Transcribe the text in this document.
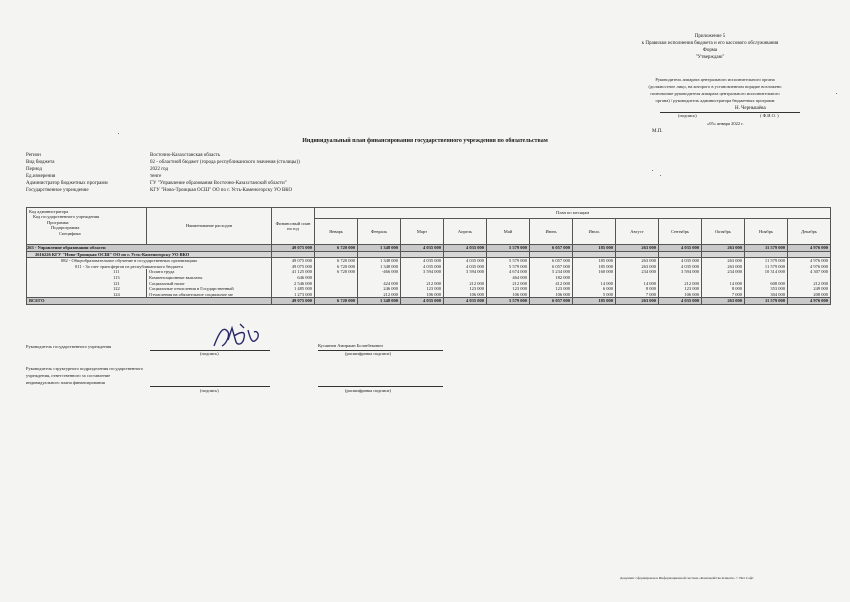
Приложение 5
к Правилам исполнения бюджета и его кассового обслуживания
Форма
"Утверждаю"
Руководитель аппарата центрального исполнительного органа
(должностное лицо, на которого в установленном порядке возложено
полномочие руководителя аппарата центрального исполнительного
органа) / руководитель администратора бюджетных программ
Н. Чернышёва
(подпись)	( Ф.И.О. )
«05» января 2022 г.
М.П.
Индивидуальный план финансирования государственного учреждения по обязательствам
Регион	Восточно-Казахстанская область
Вид бюджета	02 - областной бюджет (города республиканского значения (столицы))
Период	2022 год
Ед.измерения	тенге
Администратор бюджетных программ	ГУ "Управление образования Восточно-Казахстанской области"
Государственное учреждение	КГУ "Ново-Троицкая ОСШ" ОО по г. Усть-Каменогорску УО ВКО
Код администратора
Код государственного учреждения
Программа
Подпрограмма
Специфика	Наименование расходов	Финансовый план на год	План по месяцам											
			Январь	Февраль	Март	Апрель	Май	Июнь	Июль	Август	Сентябрь	Октябрь	Ноябрь	Декабрь
263 - Управление образования области		49 075 000	6 720 000	1 348 000	4 035 000	4 035 000	5 579 000	6 057 000	185 000	263 000	4 035 000	263 000	11 579 000	4 976 000
2616226 КГУ "Ново-Троицкая ОСШ" ОО по г. Усть-Каменогорску УО ВКО														
082 - Общеобразовательное обучение в государственных организациях		49 075 000	6 720 000	1 348 000	4 035 000	4 035 000	5 579 000	6 057 000	185 000	263 000	4 035 000	263 000	11 579 000	4 976 000
011 - За счет трансфертов из республиканского бюджета		49 075 000	6 720 000	1 348 000	4 035 000	4 035 000	5 579 000	6 057 000	185 000	263 000	4 035 000	263 000	11 579 000	4 976 000
111	Оплата труда	41 125 000	6 720 000	-466 000	3 594 000	3 594 000	4 674 000	5 234 000	160 000	234 000	3 594 000	234 000	10 314 000	4 307 000
113	Компенсационные выплаты	646 000					464 000	182 000						
121	Социальный налог	2 546 000		424 000	212 000	212 000	212 000	412 000	14 000	14 000	212 000	14 000	608 000	212 000
122	Социальные отчисления в Государственный	1 485 000		246 000	123 000	123 000	123 000	123 000	6 000	8 000	123 000	8 000	353 000	249 000
124	Отчисления на обязательное социальное ме	1 273 000		212 000	106 000	106 000	106 000	106 000	5 000	7 000	106 000	7 000	304 000	208 000
ВСЕГО		49 075 000	6 720 000	1 348 000	4 035 000	4 035 000	5 579 000	6 057 000	185 000	263 000	4 035 000	263 000	11 579 000	4 976 000
Руководитель государственного учреждения
(подпись)
Кусаинов Амиржан Болатбекович
(расшифровка подписи)
Руководитель структурного подразделения государственного
учреждения, ответственного за составление
индивидуального плана финансирования
(подпись)	(расшифровка подписи)
Документ сформирован в Информационной системе «Казначейство-Клиент» © Нет Софт
